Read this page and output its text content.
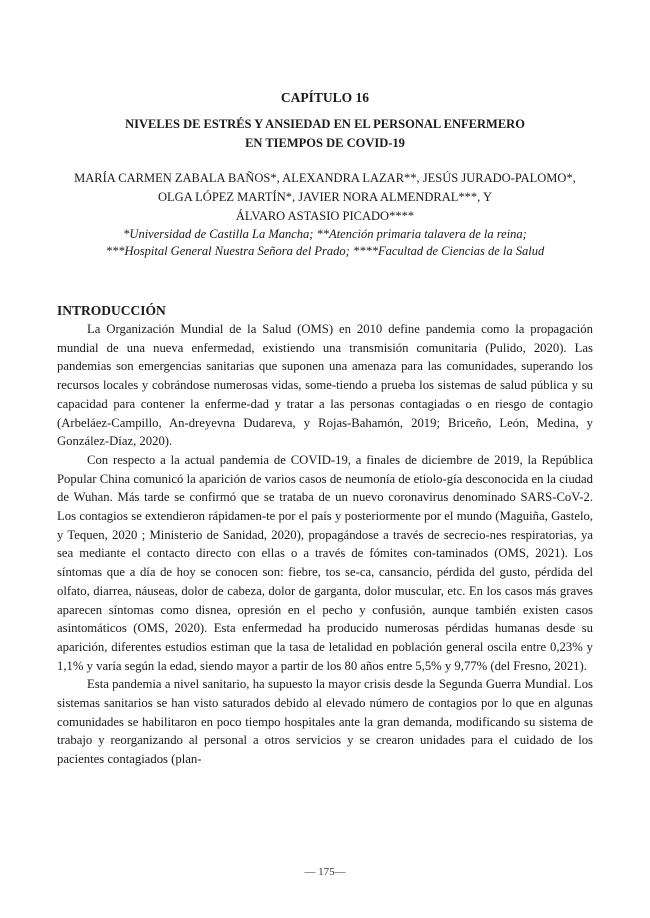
CAPÍTULO 16
NIVELES DE ESTRÉS Y ANSIEDAD EN EL PERSONAL ENFERMERO
EN TIEMPOS DE COVID-19
MARÍA CARMEN ZABALA BAÑOS*, ALEXANDRA LAZAR**, JESÚS JURADO-PALOMO*,
OLGA LÓPEZ MARTÍN*, JAVIER NORA ALMENDRAL***, Y
ÁLVARO ASTASIO PICADO****
*Universidad de Castilla La Mancha; **Atención primaria talavera de la reina;
***Hospital General Nuestra Señora del Prado; ****Facultad de Ciencias de la Salud
INTRODUCCIÓN

La Organización Mundial de la Salud (OMS) en 2010 define pandemia como la propagación mundial de una nueva enfermedad, existiendo una transmisión comunitaria (Pulido, 2020). Las pandemias son emergencias sanitarias que suponen una amenaza para las comunidades, superando los recursos locales y cobrándose numerosas vidas, some-tiendo a prueba los sistemas de salud pública y su capacidad para contener la enferme-dad y tratar a las personas contagiadas o en riesgo de contagio (Arbeláez-Campillo, An-dreyevna Dudareva, y Rojas-Bahamón, 2019; Briceño, León, Medina, y González-Díaz, 2020).

Con respecto a la actual pandemia de COVID-19, a finales de diciembre de 2019, la República Popular China comunicó la aparición de varios casos de neumonía de etiolo-gía desconocida en la ciudad de Wuhan. Más tarde se confirmó que se trataba de un nuevo coronavirus denominado SARS-CoV-2. Los contagios se extendieron rápidamen-te por el país y posteriormente por el mundo (Maguiña, Gastelo, y Tequen, 2020 ; Ministerio de Sanidad, 2020), propagándose a través de secrecio-nes respiratorias, ya sea mediante el contacto directo con ellas o a través de fómites con-taminados (OMS, 2021). Los síntomas que a día de hoy se conocen son: fiebre, tos se-ca, cansancio, pérdida del gusto, pérdida del olfato, diarrea, náuseas, dolor de cabeza, dolor de garganta, dolor muscular, etc. En los casos más graves aparecen síntomas como disnea, opresión en el pecho y confusión, aunque también existen casos asintomáticos (OMS, 2020). Esta enfermedad ha producido numerosas pérdidas humanas desde su aparición, diferentes estudios estiman que la tasa de letalidad en población general oscila entre 0,23% y 1,1% y varía según la edad, siendo mayor a partir de los 80 años entre 5,5% y 9,77% (del Fresno, 2021).

Esta pandemia a nivel sanitario, ha supuesto la mayor crisis desde la Segunda Guerra Mundial. Los sistemas sanitarios se han visto saturados debido al elevado número de contagios por lo que en algunas comunidades se habilitaron en poco tiempo hospitales ante la gran demanda, modificando su sistema de trabajo y reorganizando al personal a otros servicios y se crearon unidades para el cuidado de los pacientes contagiados (plan-

— 175—
